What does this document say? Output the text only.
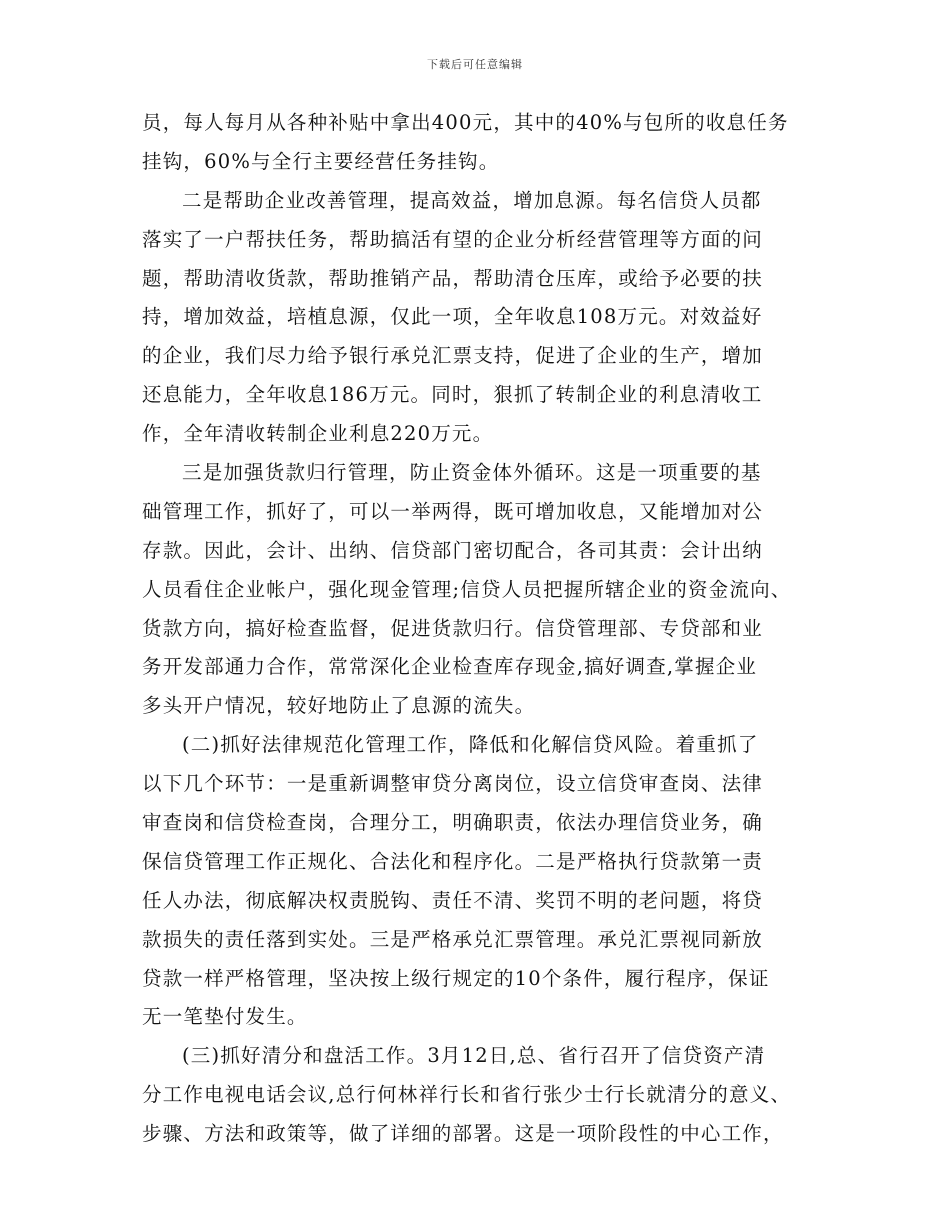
下载后可任意编辑
员，每人每月从各种补贴中拿出400元，其中的40%与包所的收息任务
挂钩，60%与全行主要经营任务挂钩。
二是帮助企业改善管理，提高效益，增加息源。每名信贷人员都
落实了一户帮扶任务，帮助搞活有望的企业分析经营管理等方面的问
题，帮助清收货款，帮助推销产品，帮助清仓压库，或给予必要的扶
持，增加效益，培植息源，仅此一项，全年收息108万元。对效益好
的企业，我们尽力给予银行承兑汇票支持，促进了企业的生产，增加
还息能力，全年收息186万元。同时，狠抓了转制企业的利息清收工
作，全年清收转制企业利息220万元。
三是加强货款归行管理，防止资金体外循环。这是一项重要的基
础管理工作，抓好了，可以一举两得，既可增加收息，又能增加对公
存款。因此，会计、出纳、信贷部门密切配合，各司其责：会计出纳
人员看住企业帐户，强化现金管理;信贷人员把握所辖企业的资金流向、
货款方向，搞好检查监督，促进货款归行。信贷管理部、专贷部和业
务开发部通力合作，常常深化企业检查库存现金,搞好调查,掌握企业
多头开户情况，较好地防止了息源的流失。
(二)抓好法律规范化管理工作，降低和化解信贷风险。着重抓了
以下几个环节：一是重新调整审贷分离岗位，设立信贷审查岗、法律
审查岗和信贷检查岗，合理分工，明确职责，依法办理信贷业务，确
保信贷管理工作正规化、合法化和程序化。二是严格执行贷款第一责
任人办法，彻底解决权责脱钩、责任不清、奖罚不明的老问题，将贷
款损失的责任落到实处。三是严格承兑汇票管理。承兑汇票视同新放
贷款一样严格管理，坚决按上级行规定的10个条件，履行程序，保证
无一笔垫付发生。
(三)抓好清分和盘活工作。3月12日,总、省行召开了信贷资产清
分工作电视电话会议,总行何林祥行长和省行张少士行长就清分的意义、
步骤、方法和政策等，做了详细的部署。这是一项阶段性的中心工作，
